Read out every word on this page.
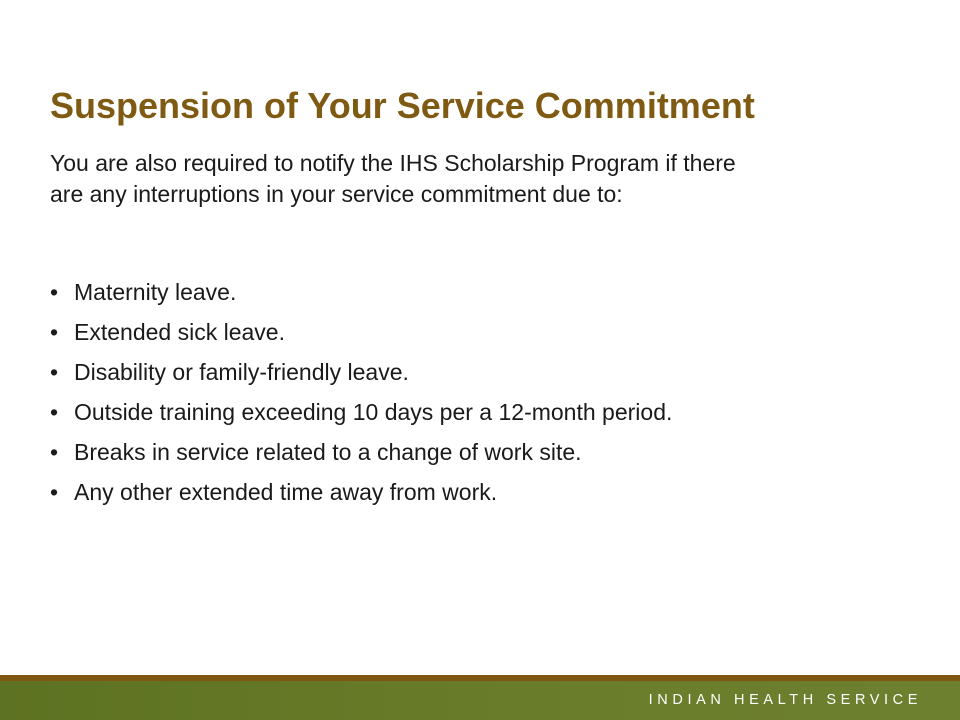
Suspension of Your Service Commitment

You are also required to notify the IHS Scholarship Program if there are any interruptions in your service commitment due to:

• Maternity leave.
• Extended sick leave.
• Disability or family-friendly leave.
• Outside training exceeding 10 days per a 12-month period.
• Breaks in service related to a change of work site.
• Any other extended time away from work.
INDIAN HEALTH SERVICE
